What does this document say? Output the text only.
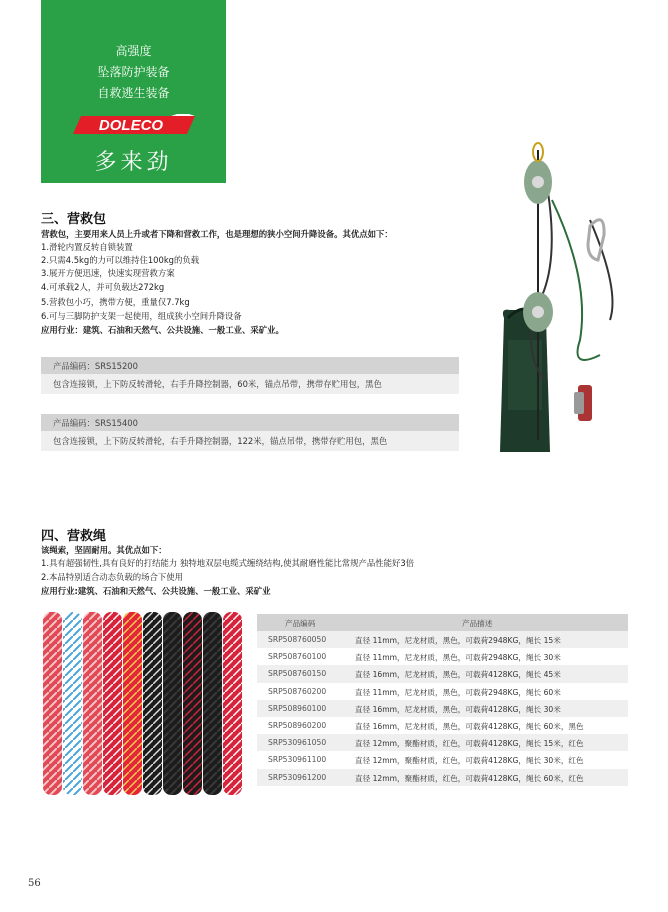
高强度
坠落防护装备
自救逃生装备
DOLECO
多来劲
三、营救包
营救包，主要用来人员上升或者下降和营救工作，也是理想的狭小空间升降设备。其优点如下：
1.滑轮内置反转自锁装置
2.只需4.5kg的力可以维持住100kg的负载
3.展开方便迅速，快速实现营救方案
4.可承载2人，并可负载达272kg
5.营救包小巧，携带方便，重量仅7.7kg
6.可与三脚防护支架一起使用，组成狭小空间升降设备
应用行业：建筑、石油和天然气、公共设施、一般工业、采矿业。
产品编码：SRS15200
包含连接锁，上下防反转滑轮，右手升降控制器，60米，锚点吊带，携带存贮用包，黑色
产品编码：SRS15400
包含连接锁，上下防反转滑轮，右手升降控制器，122米，锚点吊带，携带存贮用包，黑色
四、营救绳
该绳索，坚固耐用。其优点如下：
1.具有超强韧性,具有良好的打结能力 独特地双层电缆式缠绕结构,使其耐磨性能比常规产品性能好3倍
2.本品特别适合动态负载的场合下使用
应用行业:建筑、石油和天然气、公共设施、一般工业、采矿业
产品编码	产品描述
SRP508760050	直径 11mm，尼龙材质，黑色，可载荷2948KG，绳长 15米
SRP508760100	直径 11mm，尼龙材质，黑色，可载荷2948KG，绳长 30米
SRP508760150	直径 16mm，尼龙材质，黑色，可载荷4128KG，绳长 45米
SRP508760200	直径 11mm，尼龙材质，黑色，可载荷2948KG，绳长 60米
SRP508960100	直径 16mm，尼龙材质，黑色，可载荷4128KG，绳长 30米
SRP508960200	直径 16mm，尼龙材质，黑色，可载荷4128KG，绳长 60米，黑色
SRP530961050	直径 12mm，聚酯材质，红色，可载荷4128KG，绳长 15米，红色
SRP530961100	直径 12mm，聚酯材质，红色，可载荷4128KG，绳长 30米，红色
SRP530961200	直径 12mm，聚酯材质，红色，可载荷4128KG，绳长 60米，红色
56
